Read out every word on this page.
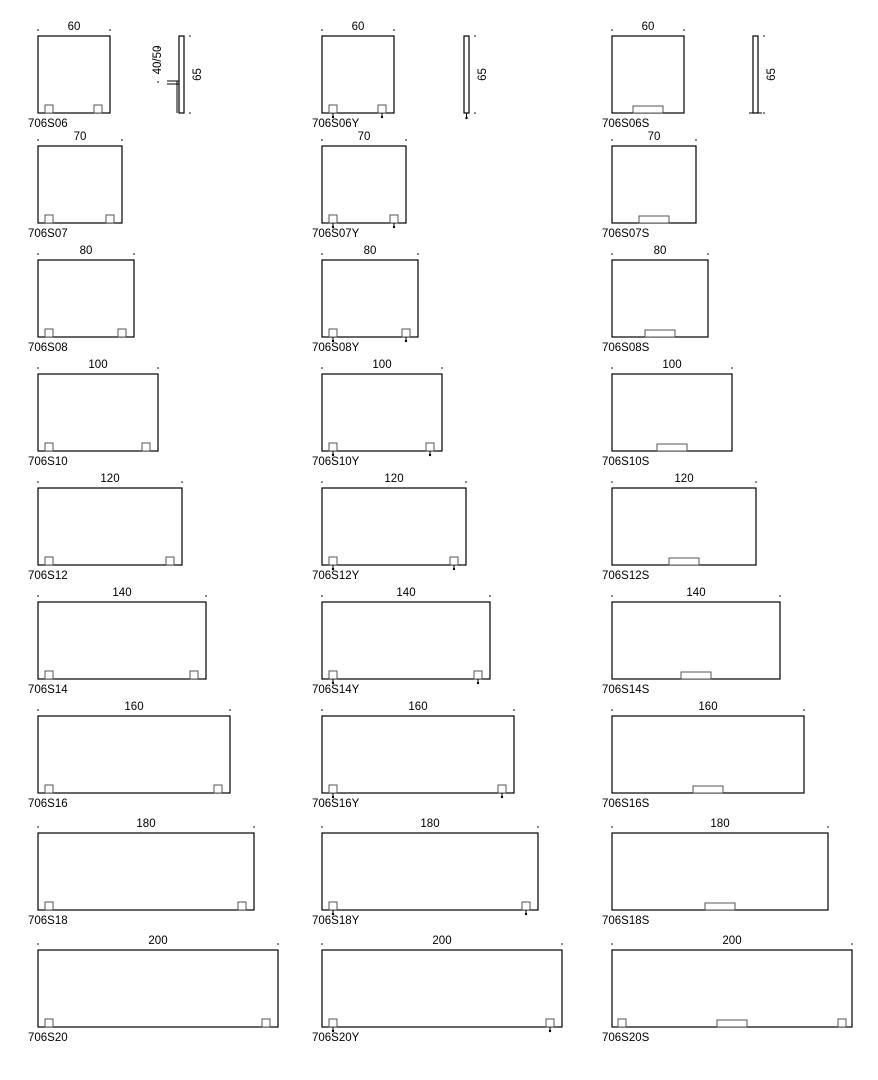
60
706S06
70
706S07
80
706S08
100
706S10
120
706S12
140
706S14
160
706S16
180
706S18
200
706S20
60
706S06Y
70
706S07Y
80
706S08Y
100
706S10Y
120
706S12Y
140
706S14Y
160
706S16Y
180
706S18Y
200
706S20Y
60
706S06S
70
706S07S
80
706S08S
100
706S10S
120
706S12S
140
706S14S
160
706S16S
180
706S18S
200
706S20S
65
40/50
65	65
